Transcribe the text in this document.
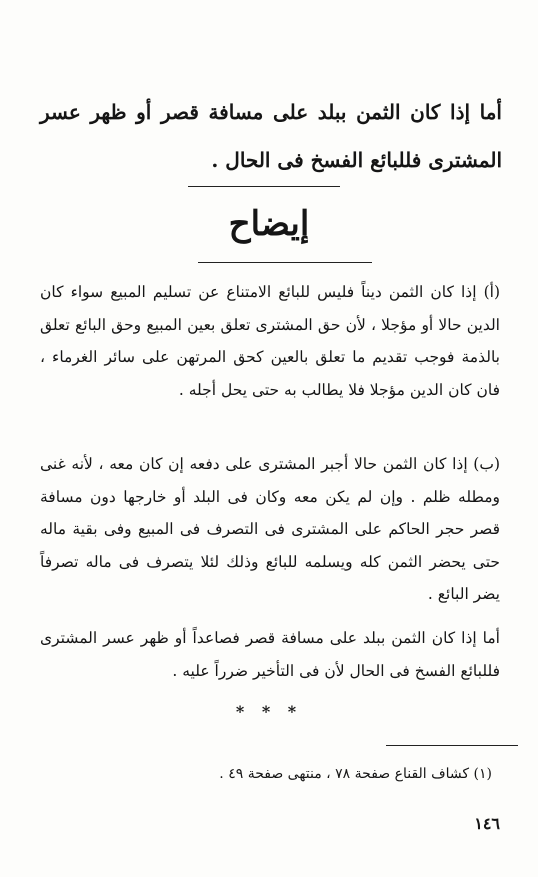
أما إذا كان الثمن ببلد على مسافة قصر أو ظهر عسر المشترى فللبائع الفسخ فى الحال .
إيضاح
(أ) إذا كان الثمن ديناً فليس للبائع الامتناع عن تسليم المبيع سواء كان الدين حالا أو مؤجلا ، لأن حق المشترى تعلق بعين المبيع وحق البائع تعلق بالذمة فوجب تقديم ما تعلق بالعين كحق المرتهن على سائر الغرماء ، فان كان الدين مؤجلا فلا يطالب به حتى يحل أجله .
(ب) إذا كان الثمن حالا أجبر المشترى على دفعه إن كان معه ، لأنه غنى ومطله ظلم . وإن لم يكن معه وكان فى البلد أو خارجها دون مسافة قصر حجر الحاكم على المشترى فى التصرف فى المبيع وفى بقية ماله حتى يحضر الثمن كله ويسلمه للبائع وذلك لئلا يتصرف فى ماله تصرفاً يضر البائع .
أما إذا كان الثمن ببلد على مسافة قصر فصاعداً أو ظهر عسر المشترى فللبائع الفسخ فى الحال لأن فى التأخير ضرراً عليه .
* * *
(١) كشاف القناع صفحة ٧٨ ، منتهى صفحة ٤٩ .
١٤٦
